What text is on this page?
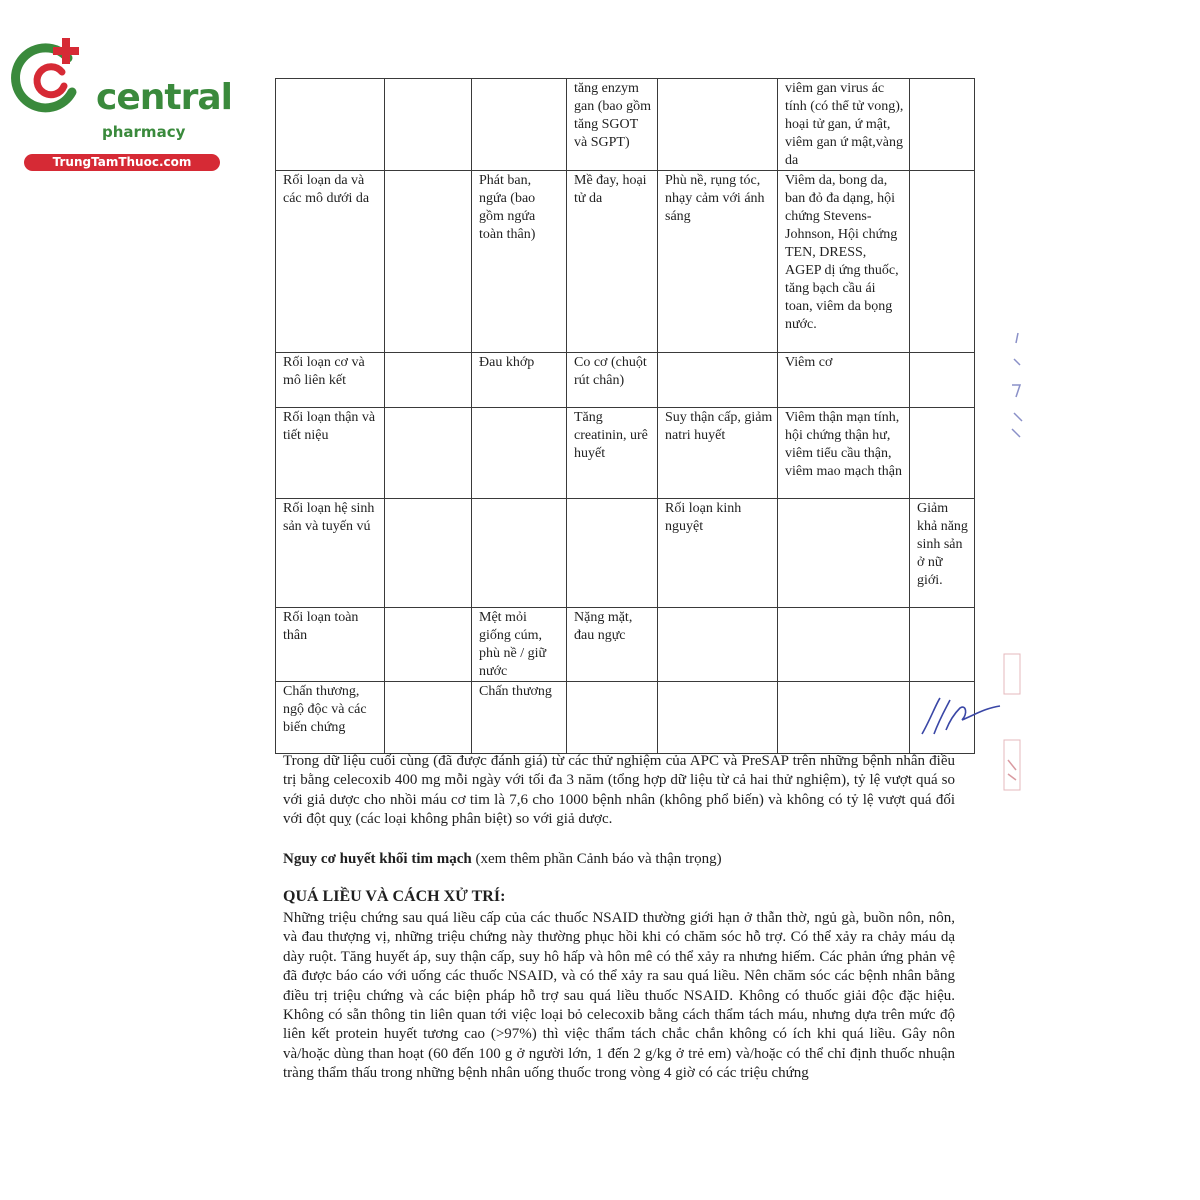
central
pharmacy
TrungTamThuoc.com
			tăng enzym gan (bao gồm tăng SGOT và SGPT)		viêm gan virus ác tính (có thể tử vong), hoại tử gan, ứ mật, viêm gan ứ mật,vàng da	
Rối loạn da và các mô dưới da		Phát ban, ngứa (bao gồm ngứa toàn thân)	Mề đay, hoại tử da	Phù nề, rụng tóc, nhạy cảm với ánh sáng	Viêm da, bong da, ban đỏ đa dạng, hội chứng Stevens-Johnson, Hội chứng TEN, DRESS, AGEP dị ứng thuốc, tăng bạch cầu ái toan, viêm da bọng nước.	
Rối loạn cơ và mô liên kết		Đau khớp	Co cơ (chuột rút chân)		Viêm cơ	
Rối loạn thận và tiết niệu			Tăng creatinin, urê huyết	Suy thận cấp, giảm natri huyết	Viêm thận mạn tính, hội chứng thận hư, viêm tiểu cầu thận, viêm mao mạch thận	
Rối loạn hệ sinh sản và tuyến vú				Rối loạn kinh nguyệt		Giảm khả năng sinh sản ở nữ giới.
Rối loạn toàn thân		Mệt mỏi giống cúm, phù nề / giữ nước	Nặng mặt, đau ngực			
Chấn thương, ngộ độc và các biến chứng		Chấn thương				
Trong dữ liệu cuối cùng (đã được đánh giá) từ các thử nghiệm của APC và PreSAP trên những bệnh nhân điều trị bằng celecoxib 400 mg mỗi ngày với tối đa 3 năm (tổng hợp dữ liệu từ cả hai thử nghiệm), tỷ lệ vượt quá so với giả dược cho nhồi máu cơ tim là 7,6 cho 1000 bệnh nhân (không phổ biến) và không có tỷ lệ vượt quá đối với đột quỵ (các loại không phân biệt) so với giả dược.
Nguy cơ huyết khối tim mạch (xem thêm phần Cảnh báo và thận trọng)
QUÁ LIỀU VÀ CÁCH XỬ TRÍ:
Những triệu chứng sau quá liều cấp của các thuốc NSAID thường giới hạn ở thẫn thờ, ngủ gà, buồn nôn, nôn, và đau thượng vị, những triệu chứng này thường phục hồi khi có chăm sóc hỗ trợ. Có thể xảy ra chảy máu dạ dày ruột. Tăng huyết áp, suy thận cấp, suy hô hấp và hôn mê có thể xảy ra nhưng hiếm. Các phản ứng phản vệ đã được báo cáo với uống các thuốc NSAID, và có thể xảy ra sau quá liều. Nên chăm sóc các bệnh nhân bằng điều trị triệu chứng và các biện pháp hỗ trợ sau quá liều thuốc NSAID. Không có thuốc giải độc đặc hiệu. Không có sẵn thông tin liên quan tới việc loại bỏ celecoxib bằng cách thẩm tách máu, nhưng dựa trên mức độ liên kết protein huyết tương cao (>97%) thì việc thẩm tách chắc chắn không có ích khi quá liều. Gây nôn và/hoặc dùng than hoạt (60 đến 100 g ở người lớn, 1 đến 2 g/kg ở trẻ em) và/hoặc có thể chỉ định thuốc nhuận tràng thẩm thấu trong những bệnh nhân uống thuốc trong vòng 4 giờ có các triệu chứng
